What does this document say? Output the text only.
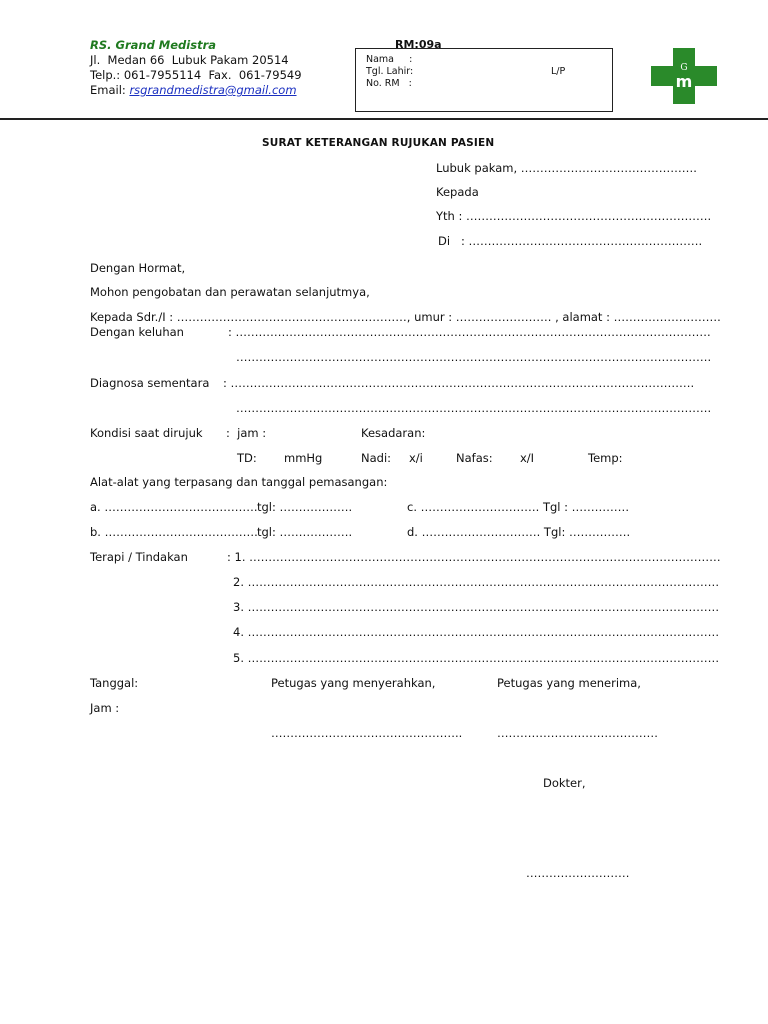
RS. Grand Medistra
Jl.  Medan 66  Lubuk Pakam 20514
Telp.: 061-7955114  Fax.  061-79549
Email: rsgrandmedistra@gmail.com
RM:09a
Nama     :
Tgl. Lahir:	L/P
No. RM   :
G
m
SURAT KETERANGAN RUJUKAN PASIEN
Lubuk pakam, ……………………………………….
Kepada
Yth : ……………………………………………………….
Di   : …………………………………………………….
Dengan Hormat,
Mohon pengobatan dan perawatan selanjutmya,
Kepada Sdr./I : ……………………………………………………, umur : ……………………. , alamat : ……………………….
Dengan keluhan	: …………………………………………………………………………………………………………….
…………………………………………………………………………………………………………….
Diagnosa sementara : ………………………………………………………………………………………………………….
…………………………………………………………………………………………………………….
Kondisi saat dirujuk :  jam :	Kesadaran:
TD: mmHg	Nadi: x/i	Nafas: x/I	Temp:
Alat-alat yang terpasang dan tanggal pemasangan:
a. …………………………………. tgl: ……………….	c. …………………………. Tgl : ……………
b. …………………………………. tgl: ……………….	d. …………………………. Tgl: …………….
Terapi / Tindakan	: 1. ……………………………………………………………………………………………………………
2. ……………………………………………………………………………………………………………
3. ……………………………………………………………………………………………………………
4. ……………………………………………………………………………………………………………
5. ……………………………………………………………………………………………………………
Tanggal:	Petugas yang menyerahkan,	Petugas yang menerima,
Jam :
…………………………………………..	……………………………………
Dokter,
………………………
